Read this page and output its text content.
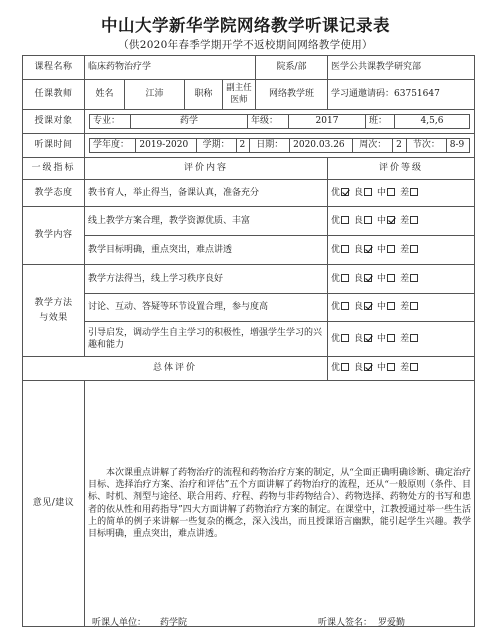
中山大学新华学院网络教学听课记录表
（供2020年春季学期开学不返校期间网络教学使用）
课程名称	临床药物治疗学	院系/部	医学公共课教学研究部
任课教师	姓名	江沛	职称	副主任医师	网络教学班	学习通邀请码：63751647
授课对象	专业：	药学	年级：	2017	班：	4,5,6

听课时间	学年度：	2019-2020	学期：	2	日期：	2020.03.26	周次：	2	节次：	8-9

一级指标	评价内容	评价等级
教学态度	教书育人，举止得当，备课认真，准备充分	优 良 中 差
教学内容	线上教学方案合理，教学资源优质、丰富	优 良 中 差
教学目标明确，重点突出，难点讲透	优 良 中 差

教学方法与效果
	教学方法得当，线上学习秩序良好	优 良 中 差
讨论、互动、答疑等环节设置合理，参与度高	优 良 中 差
引导启发，调动学生自主学习的积极性，增强学生学习的兴趣和能力	优 良 中 差
总体评价	优 良 中 差
意见/建议	本次课重点讲解了药物治疗的流程和药物治疗方案的制定，从“全面正确明确诊断、确定治疗目标、选择治疗方案、治疗和评估”五个方面讲解了药物治疗的流程，还从“一般原则（条件、目标、时机、剂型与途径、联合用药、疗程、药物与非药物结合）、药物选择、药物处方的书写和患者的依从性和用药指导”四大方面讲解了药物治疗方案的制定。在课堂中，江教授通过举一些生活上的简单的例子来讲解一些复杂的概念，深入浅出，而且授课语言幽默，能引起学生兴趣。教学目标明确，重点突出，难点讲透。
听课人单位： 药学院	听课人签名： 罗爱勤
